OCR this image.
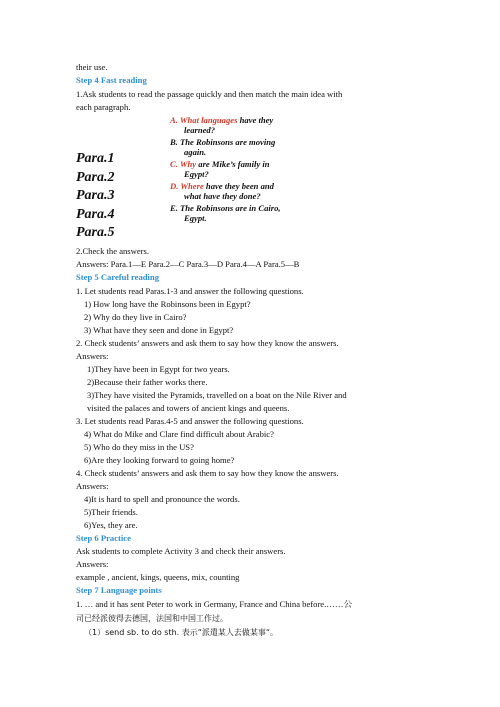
their use.
Step 4 Fast reading
1.Ask students to read the passage quickly and then match the main idea with
each paragraph.
Para.1
Para.2
Para.3
Para.4
Para.5
A. What languages have they
learned?
B. The Robinsons are moving
again.
C. Why are Mike’s family in
Egypt?
D. Where have they been and
what have they done?
E. The Robinsons are in Cairo,
Egypt.
2.Check the answers.
Answers: Para.1—E Para.2—C Para.3—D Para.4—A Para.5—B
Step 5 Careful reading
1. Let students read Paras.1-3 and answer the following questions.
1) How long have the Robinsons been in Egypt?
2) Why do they live in Cairo?
3) What have they seen and done in Egypt?
2. Check students’ answers and ask them to say how they know the answers.
Answers:
1)They have been in Egypt for two years.
2)Because their father works there.
3)They have visited the Pyramids, travelled on a boat on the Nile River and
visited the palaces and towers of ancient kings and queens.
3. Let students read Paras.4-5 and answer the following questions.
4) What do Mike and Clare find difficult about Arabic?
5) Who do they miss in the US?
6)Are they looking forward to going home?
4. Check students’ answers and ask them to say how they know the answers.
Answers:
4)It is hard to spell and pronounce the words.
5)Their friends.
6)Yes, they are.
Step 6 Practice
Ask students to complete Activity 3 and check their answers.
Answers:
example , ancient, kings, queens, mix, counting
Step 7 Language points
1. … and it has sent Peter to work in Germany, France and China before.……公
司已经派彼得去德国，法国和中国工作过。
（1）send sb. to do sth. 表示“派遣某人去做某事“。
